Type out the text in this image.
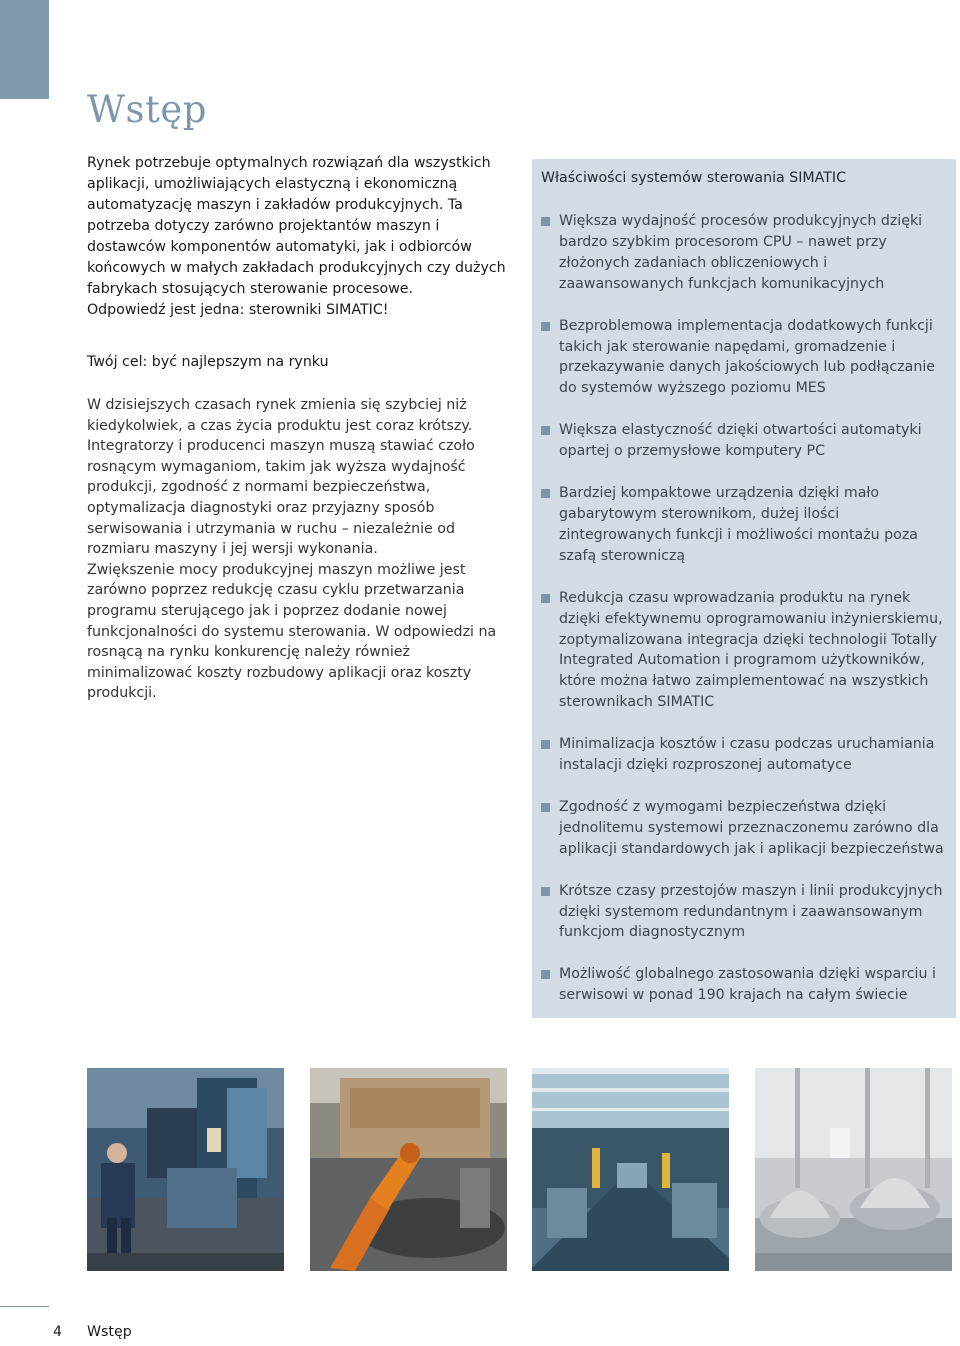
Wstęp

Rynek potrzebuje optymalnych rozwiązań dla wszystkich aplikacji, umożliwiających elastyczną i ekonomiczną automatyzację maszyn i zakładów produkcyjnych. Ta potrzeba dotyczy zarówno projektantów maszyn i dostawców komponentów automatyki, jak i odbiorców końcowych w małych zakładach produkcyjnych czy dużych fabrykach stosujących sterowanie procesowe.
Odpowiedź jest jedna: sterowniki SIMATIC!

Twój cel: być najlepszym na rynku

W dzisiejszych czasach rynek zmienia się szybciej niż kiedykolwiek, a czas życia produktu jest coraz krótszy. Integratorzy i producenci maszyn muszą stawiać czoło rosnącym wymaganiom, takim jak wyższa wydajność produkcji, zgodność z normami bezpieczeństwa, optymalizacja diagnostyki oraz przyjazny sposób serwisowania i utrzymania w ruchu – niezależnie od rozmiaru maszyny i jej wersji wykonania.
Zwiększenie mocy produkcyjnej maszyn możliwe jest zarówno poprzez redukcję czasu cyklu przetwarzania programu sterującego jak i poprzez dodanie nowej funkcjonalności do systemu sterowania. W odpowiedzi na rosnącą na rynku konkurencję należy również minimalizować koszty rozbudowy aplikacji oraz koszty produkcji.

Właściwości systemów sterowania SIMATIC
Większa wydajność procesów produkcyjnych dzięki bardzo szybkim procesorom CPU – nawet przy złożonych zadaniach obliczeniowych i zaawansowanych funkcjach komunikacyjnych
Bezproblemowa implementacja dodatkowych funkcji takich jak sterowanie napędami, gromadzenie i przekazywanie danych jakościowych lub podłączanie do systemów wyższego poziomu MES
Większa elastyczność dzięki otwartości automatyki opartej o przemysłowe komputery PC
Bardziej kompaktowe urządzenia dzięki mało gabarytowym sterownikom, dużej ilości zintegrowanych funkcji i możliwości montażu poza szafą sterowniczą
Redukcja czasu wprowadzania produktu na rynek dzięki efektywnemu oprogramowaniu inżynierskiemu, zoptymalizowana integracja dzięki technologii Totally Integrated Automation i programom użytkowników, które można łatwo zaimplementować na wszystkich sterownikach SIMATIC
Minimalizacja kosztów i czasu podczas uruchamiania instalacji dzięki rozproszonej automatyce
Zgodność z wymogami bezpieczeństwa dzięki jednolitemu systemowi przeznaczonemu zarówno dla aplikacji standardowych jak i aplikacji bezpieczeństwa
Krótsze czasy przestojów maszyn i linii produkcyjnych dzięki systemom redundantnym i zaawansowanym funkcjom diagnostycznym
Możliwość globalnego zastosowania dzięki wsparciu i serwisowi w ponad 190 krajach na całym świecie
4 Wstęp
